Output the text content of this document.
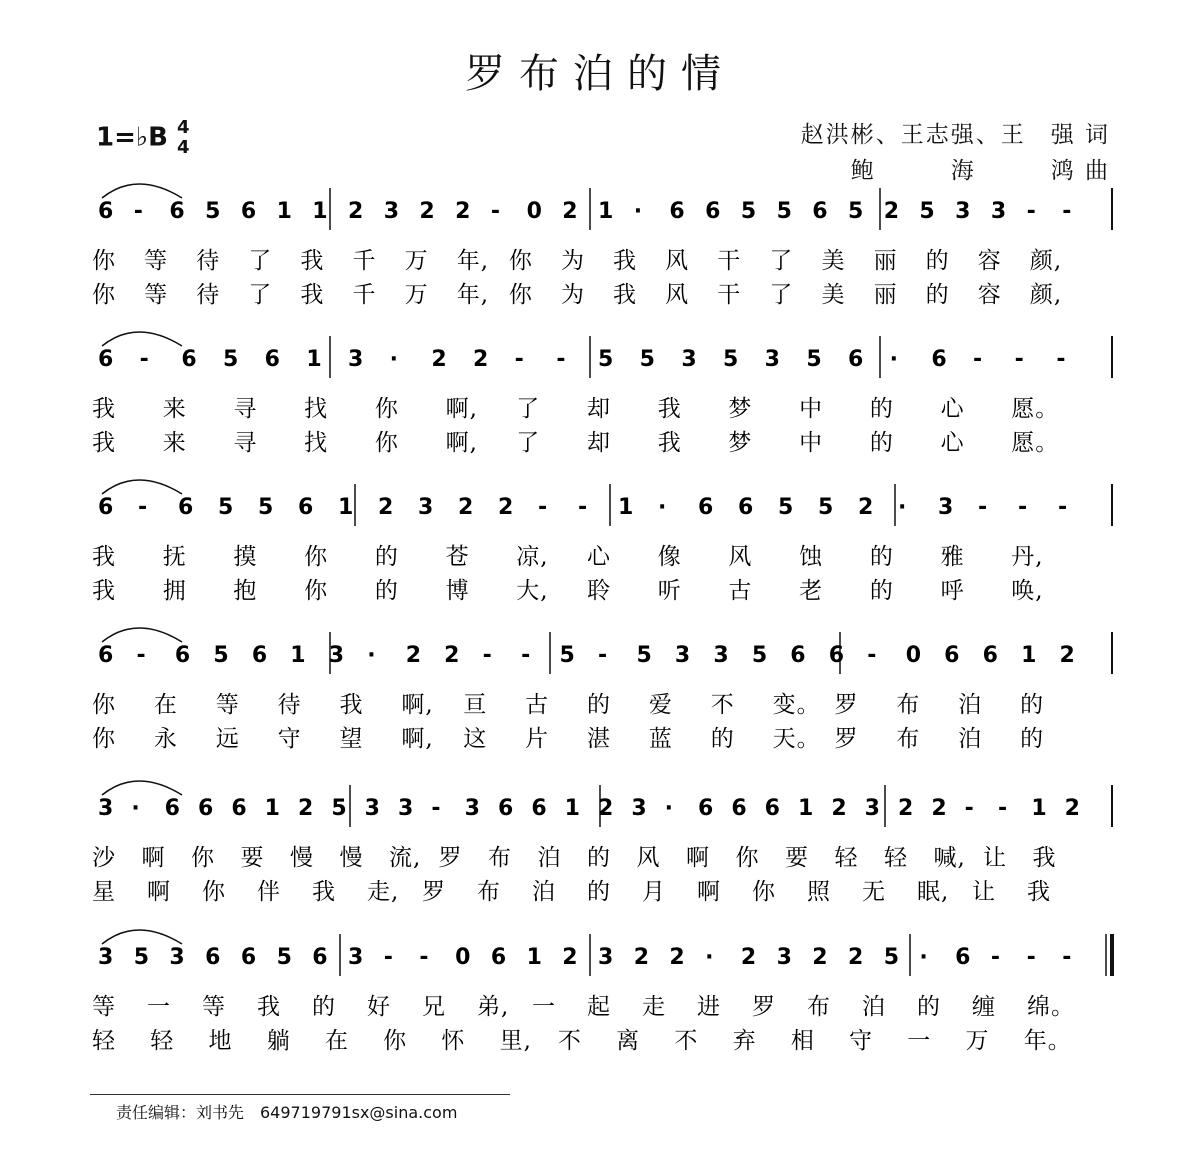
罗布泊的情
1=♭B 4
4	赵洪彬、王志强、王　强 词
鲍　　　海　　　鸿 曲
6 - 6 5 6 1 1 2 3 2 2 - 0 2 1 · 6 6 5 5 6 5 2 5 3 3 - -
你 等 待 了 我 千 万 年, 你 为 我 风 干 了 美 丽 的 容 颜,
你 等 待 了 我 千 万 年, 你 为 我 风 干 了 美 丽 的 容 颜,
6 - 6 5 6 1 3 · 2 2 - - 5 5 3 5 3 5 6 · 6 - - -
我 来 寻 找 你 啊, 了 却 我 梦 中 的 心 愿。
我 来 寻 找 你 啊, 了 却 我 梦 中 的 心 愿。
6 - 6 5 5 6 1 2 3 2 2 - - 1 · 6 6 5 5 2 · 3 - - -
我 抚 摸 你 的 苍 凉, 心 像 风 蚀 的 雅 丹,
我 拥 抱 你 的 博 大, 聆 听 古 老 的 呼 唤,
6 - 6 5 6 1 3 · 2 2 - - 5 - 5 3 3 5 6 6 - 0 6 6 1 2
你 在 等 待 我 啊, 亘 古 的 爱 不 变。 罗 布 泊 的
你 永 远 守 望 啊, 这 片 湛 蓝 的 天。 罗 布 泊 的
3 · 6 6 6 1 2 5 3 3 - 3 6 6 1 2 3 · 6 6 6 1 2 3 2 2 - - 1 2
沙 啊 你 要 慢 慢 流, 罗 布 泊 的 风 啊 你 要 轻 轻 喊, 让 我
星 啊 你 伴 我 走, 罗 布 泊 的 月 啊 你 照 无 眠, 让 我
3 5 3 6 6 5 6 3 - - 0 6 1 2 3 2 2 · 2 3 2 2 5 · 6 - - -
等 一 等 我 的 好 兄 弟, 一 起 走 进 罗 布 泊 的 缠 绵。
轻 轻 地 躺 在 你 怀 里, 不 离 不 弃 相 守 一 万 年。
责任编辑：刘书先　649719791sx@sina.com
